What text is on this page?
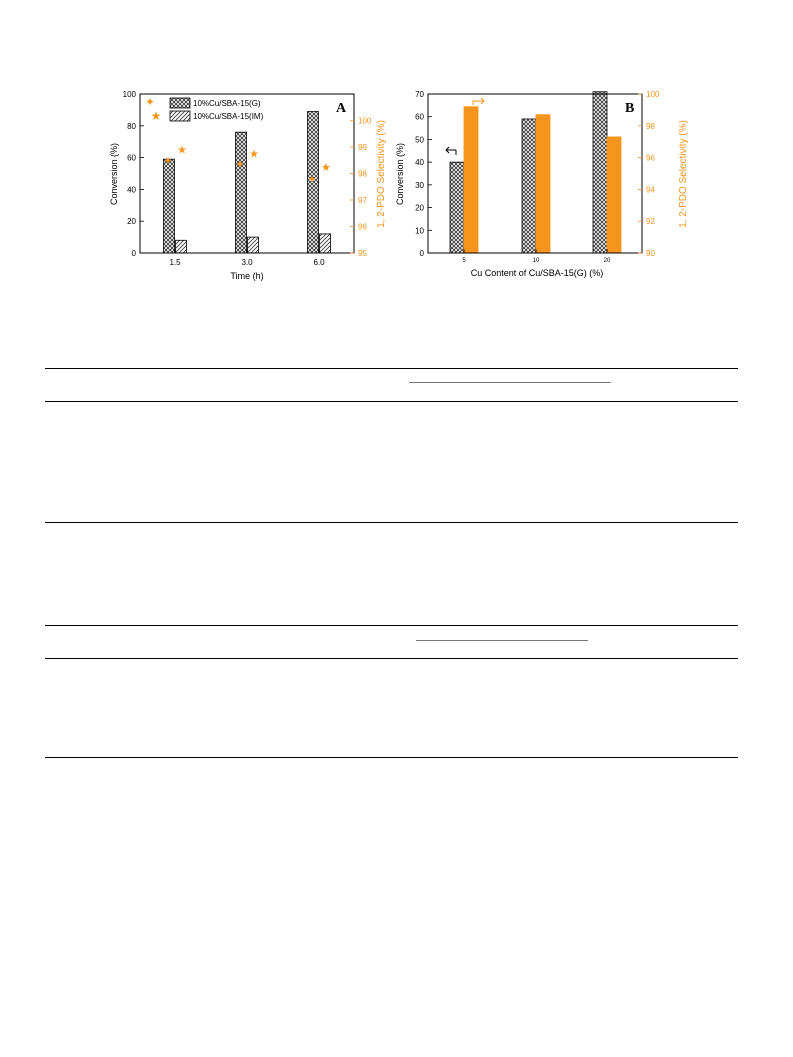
✦
★
✦
★
✦
★
0
20
40
60
80
100
95
96
97
98
99
100
1.5	3.0	6.0
A
Time (h)
Conversion (%)	1, 2-PDO Selectivity (%)
✦
★
10%Cu/SBA-15(G)
10%Cu/SBA-15(IM)
0
10
20
30
40
50
60
70
90
92
94
96
98
100
5	10	20
B
Cu Content of Cu/SBA-15(G) (%)
Conversion (%)	1, 2-PDO Selectivity (%)
